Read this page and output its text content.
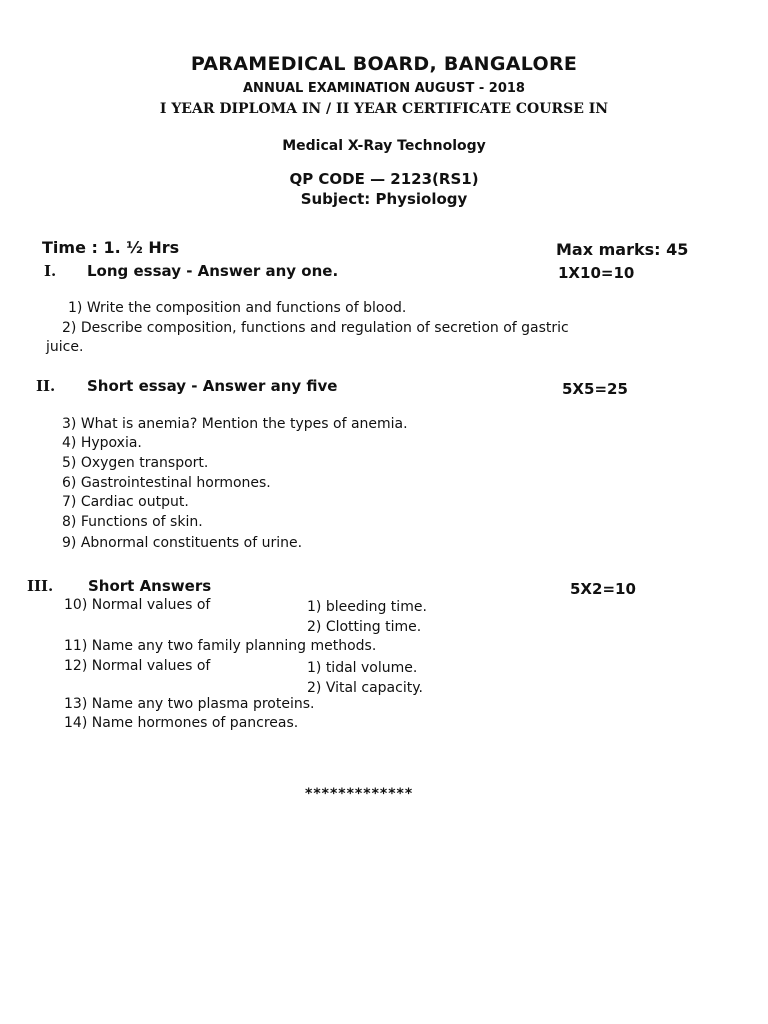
PARAMEDICAL BOARD, BANGALORE
ANNUAL EXAMINATION AUGUST - 2018
I YEAR DIPLOMA IN / II YEAR CERTIFICATE COURSE IN
Medical X-Ray Technology
QP CODE — 2123(RS1)
Subject: Physiology
Time : 1. ½ Hrs	Max marks: 45
I. Long essay - Answer any one.	1X10=10
1) Write the composition and functions of blood.
2) Describe composition, functions and regulation of secretion of gastric
juice.
II. Short essay - Answer any five	5X5=25
3) What is anemia? Mention the types of anemia.
4) Hypoxia.
5) Oxygen transport.
6) Gastrointestinal hormones.
7) Cardiac output.
8) Functions of skin.
9) Abnormal constituents of urine.
III. Short Answers	5X2=10
10) Normal values of	1) bleeding time.
2) Clotting time.
11) Name any two family planning methods.
12) Normal values of	1) tidal volume.
2) Vital capacity.
13) Name any two plasma proteins.
14) Name hormones of pancreas.
*************
